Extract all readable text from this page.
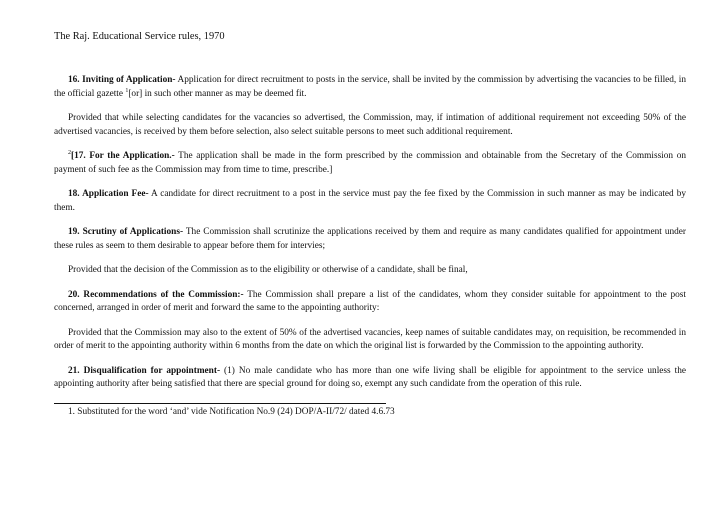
The Raj. Educational Service rules, 1970

16. Inviting of Application- Application for direct recruitment to posts in the service, shall be invited by the commission by advertising the vacancies to be filled, in the official gazette $^1$[or] in such other manner as may be deemed fit.

Provided that while selecting candidates for the vacancies so advertised, the Commission, may, if intimation of additional requirement not exceeding 50% of the advertised vacancies, is received by them before selection, also select suitable persons to meet such additional requirement.

$^2$[17. For the Application.- The application shall be made in the form prescribed by the commission and obtainable from the Secretary of the Commission on payment of such fee as the Commission may from time to time, prescribe.]

18. Application Fee- A candidate for direct recruitment to a post in the service must pay the fee fixed by the Commission in such manner as may be indicated by them.

19. Scrutiny of Applications- The Commission shall scrutinize the applications received by them and require as many candidates qualified for appointment under these rules as seem to them desirable to appear before them for intervies;

Provided that the decision of the Commission as to the eligibility or otherwise of a candidate, shall be final,

20. Recommendations of the Commission:- The Commission shall prepare a list of the candidates, whom they consider suitable for appointment to the post concerned, arranged in order of merit and forward the same to the appointing authority:

Provided that the Commission may also to the extent of 50% of the advertised vacancies, keep names of suitable candidates may, on requisition, be recommended in order of merit to the appointing authority within 6 months from the date on which the original list is forwarded by the Commission to the appointing authority.

21. Disqualification for appointment- (1) No male candidate who has more than one wife living shall be eligible for appointment to the service unless the appointing authority after being satisfied that there are special ground for doing so, exempt any such candidate from the operation of this rule.

1. Substituted for the word ‘and’ vide Notification No.9 (24) DOP/A-II/72/ dated 4.6.73
